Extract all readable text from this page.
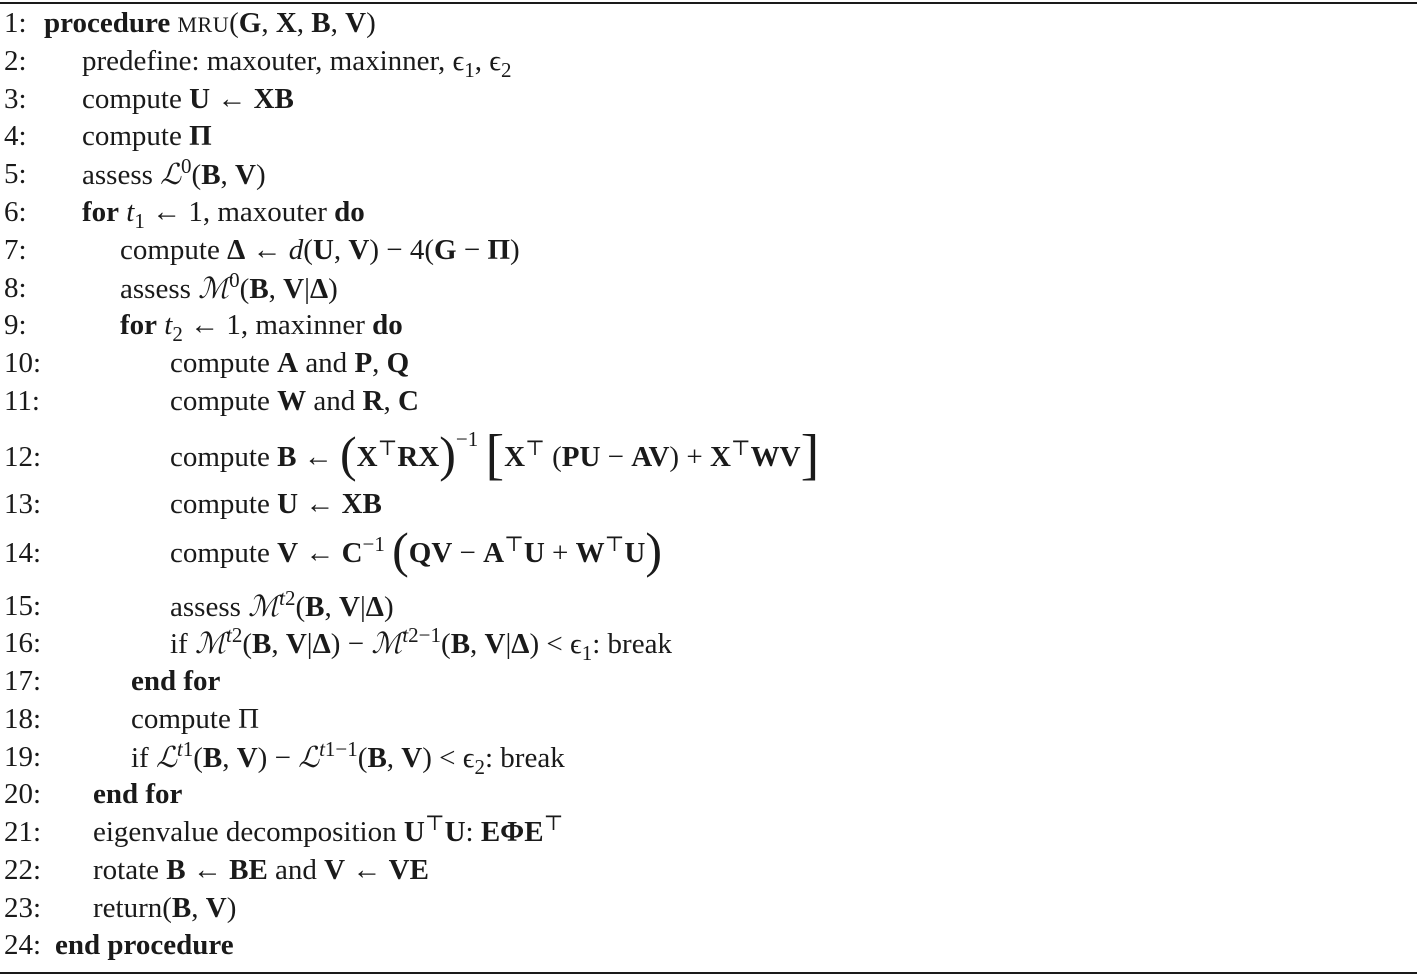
1: procedure MRU(G, X, B, V)
2: predefine: maxouter, maxinner, $\epsilon_1$, $\epsilon_2$
3: compute U ← XB
4: compute Π
5: assess ℒ$^0$(B, V)
6: for $t_1$ ← 1, maxouter do
7:	compute Δ ← d(U, V) − 4(G − Π)
8:	assess ℳ$^0$(B, V|Δ)
9:	for $t_2$ ← 1, maxinner do
10:	compute A and P, Q
11:	compute W and R, C
12:	compute B ← $(X^⊤RX)^{-1}$ [X⊤ (PU − AV) + X⊤WV]
13:	compute U ← XB
14:	compute V ← $C^{-1}$ (QV − A⊤U + W⊤U)
15:	assess ℳ$^{t2}$(B, V|Δ)
16:	if ℳ$^{t2}$(B, V|Δ) − ℳ$^{t2-1}$(B, $V|\Delta) < \epsilon_1$: break
17:	end for
18:	compute Π
19:	if ℒ$^{t1}$(B, V) − ℒ$^{t1-1}$(B, $V) < \epsilon_2$: break
20: end for
21: eigenvalue decomposition U⊤U: EΦE⊤
22: rotate B ← BE and V ← VE
23: return(B, V)
24: end procedure
